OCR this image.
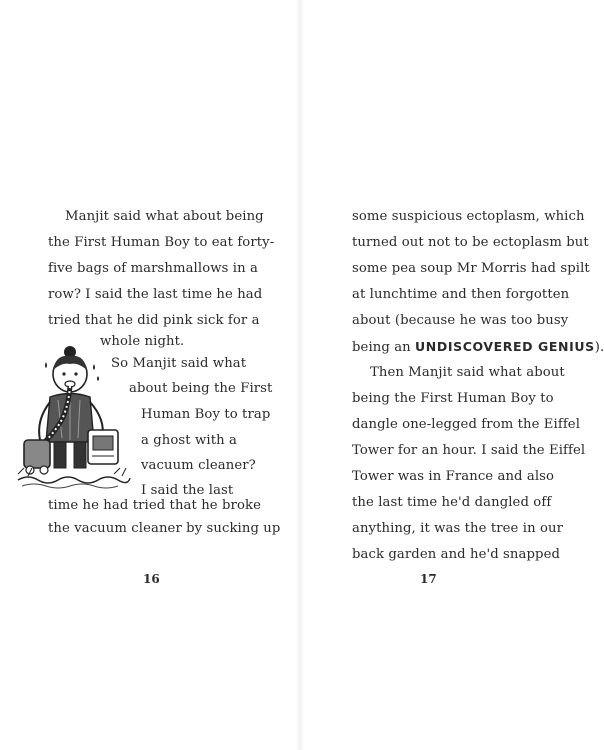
Manjit said what about being
the First Human Boy to eat forty-
five bags of marshmallows in a
row? I said the last time he had
tried that he did pink sick for a
whole night.
So Manjit said what
about being the First
Human Boy to trap
a ghost with a
vacuum cleaner?
I said the last
time he had tried that he broke
the vacuum cleaner by sucking up
16
some suspicious ectoplasm, which
turned out not to be ectoplasm but
some pea soup Mr Morris had spilt
at lunchtime and then forgotten
about (because he was too busy
being an UNDISCOVERED GENIUS).
Then Manjit said what about
being the First Human Boy to
dangle one-legged from the Eiffel
Tower for an hour. I said the Eiffel
Tower was in France and also
the last time he'd dangled off
anything, it was the tree in our
back garden and he'd snapped
17
